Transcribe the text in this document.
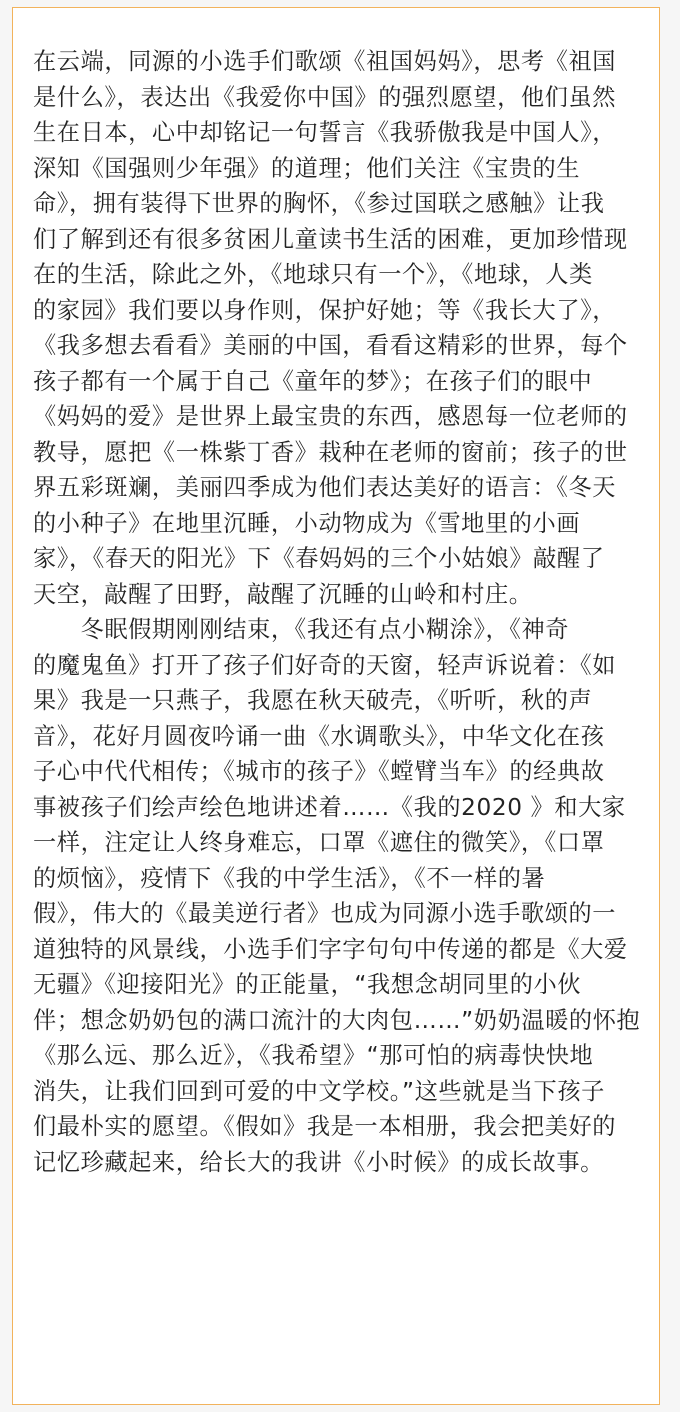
在云端，同源的小选手们歌颂《祖国妈妈》，思考《祖国
是什么》，表达出《我爱你中国》的强烈愿望，他们虽然
生在日本，心中却铭记一句誓言《我骄傲我是中国人》，
深知《国强则少年强》的道理；他们关注《宝贵的生
命》，拥有装得下世界的胸怀，《参过国联之感触》让我
们了解到还有很多贫困儿童读书生活的困难，更加珍惜现
在的生活，除此之外，《地球只有一个》，《地球，人类
的家园》我们要以身作则，保护好她；等《我长大了》，
《我多想去看看》美丽的中国，看看这精彩的世界，每个
孩子都有一个属于自己《童年的梦》；在孩子们的眼中
《妈妈的爱》是世界上最宝贵的东西，感恩每一位老师的
教导，愿把《一株紫丁香》栽种在老师的窗前；孩子的世
界五彩斑斓，美丽四季成为他们表达美好的语言：《冬天
的小种子》在地里沉睡，小动物成为《雪地里的小画
家》，《春天的阳光》下《春妈妈的三个小姑娘》敲醒了
天空，敲醒了田野，敲醒了沉睡的山岭和村庄。
　　冬眠假期刚刚结束，《我还有点小糊涂》，《神奇
的魔鬼鱼》打开了孩子们好奇的天窗，轻声诉说着：《如
果》我是一只燕子，我愿在秋天破壳，《听听，秋的声
音》，花好月圆夜吟诵一曲《水调歌头》，中华文化在孩
子心中代代相传；《城市的孩子》《螳臂当车》的经典故
事被孩子们绘声绘色地讲述着……《我的2020 》和大家
一样，注定让人终身难忘，口罩《遮住的微笑》，《口罩
的烦恼》，疫情下《我的中学生活》，《不一样的暑
假》，伟大的《最美逆行者》也成为同源小选手歌颂的一
道独特的风景线，小选手们字字句句中传递的都是《大爱
无疆》《迎接阳光》的正能量，“我想念胡同里的小伙
伴；想念奶奶包的满口流汁的大肉包……”奶奶温暖的怀抱
《那么远、那么近》，《我希望》“那可怕的病毒快快地
消失，让我们回到可爱的中文学校。”这些就是当下孩子
们最朴实的愿望。《假如》我是一本相册，我会把美好的
记忆珍藏起来，给长大的我讲《小时候》的成长故事。
